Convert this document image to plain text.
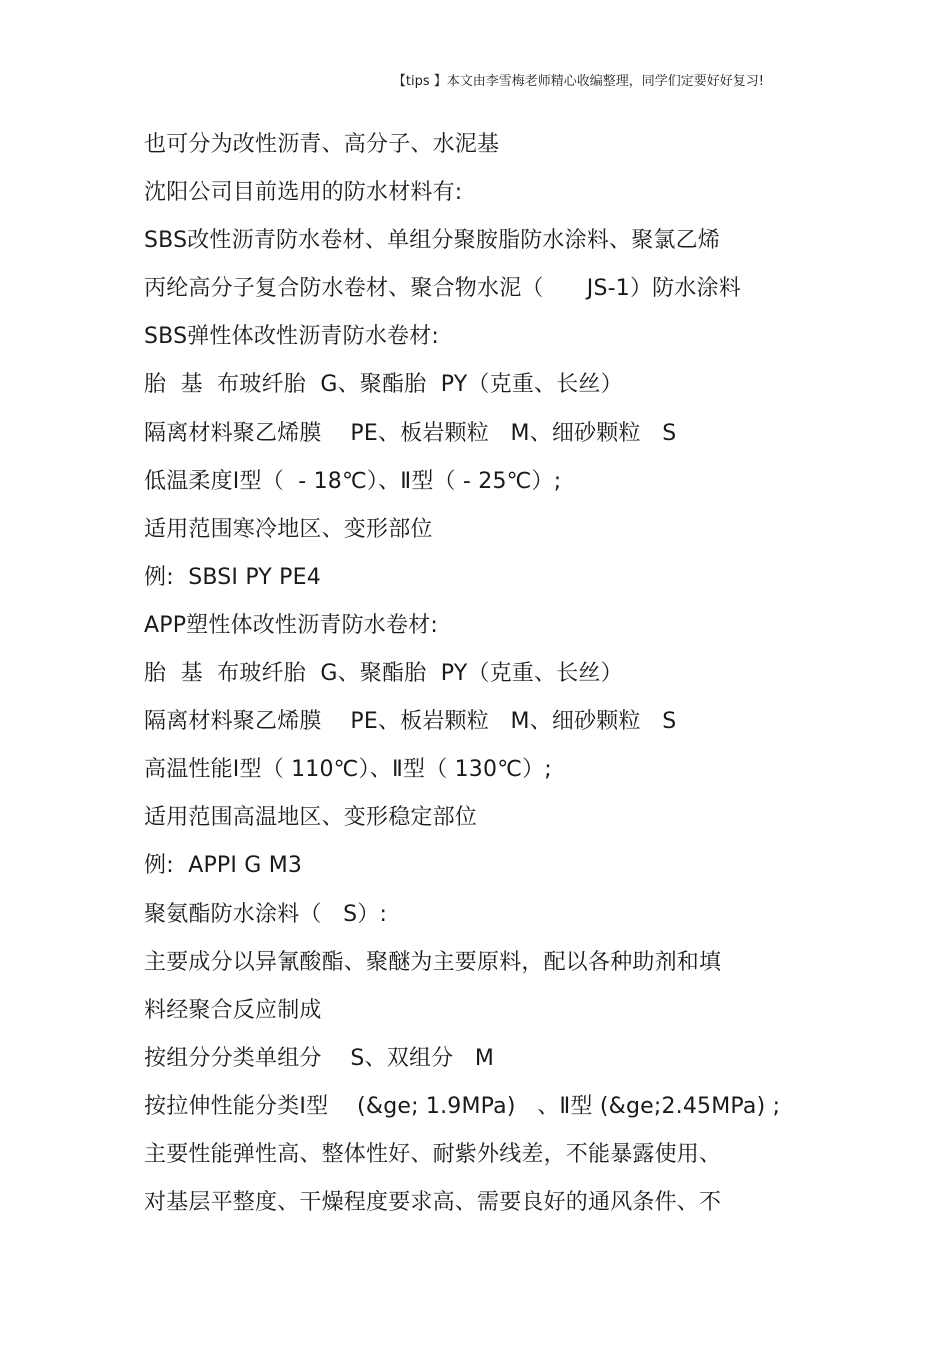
【tips 】本文由李雪梅老师精心收编整理，同学们定要好好复习!
也可分为改性沥青、高分子、水泥基
沈阳公司目前选用的防水材料有:
SBS改性沥青防水卷材、单组分聚胺脂防水涂料、聚氯乙烯
丙纶高分子复合防水卷材、聚合物水泥（      JS-1）防水涂料
SBS弹性体改性沥青防水卷材:
胎  基  布玻纤胎  G、聚酯胎  PY（克重、长丝）
隔离材料聚乙烯膜    PE、板岩颗粒   M、细砂颗粒   S
低温柔度Ⅰ型（  - 18℃）、Ⅱ型（ - 25℃）;
适用范围寒冷地区、变形部位
例:  SBSⅠ PY PE4
APP塑性体改性沥青防水卷材:
胎  基  布玻纤胎  G、聚酯胎  PY（克重、长丝）
隔离材料聚乙烯膜    PE、板岩颗粒   M、细砂颗粒   S
高温性能Ⅰ型（ 110℃）、Ⅱ型（ 130℃）;
适用范围高温地区、变形稳定部位
例:  APPⅠ G M3
聚氨酯防水涂料（   S）:
主要成分以异氰酸酯、聚醚为主要原料，配以各种助剂和填
料经聚合反应制成
按组分分类单组分    S、双组分   M
按拉伸性能分类Ⅰ型    (&ge; 1.9MPa)   、Ⅱ型 (&ge;2.45MPa) ;
主要性能弹性高、整体性好、耐紫外线差，不能暴露使用、
对基层平整度、干燥程度要求高、需要良好的通风条件、不
